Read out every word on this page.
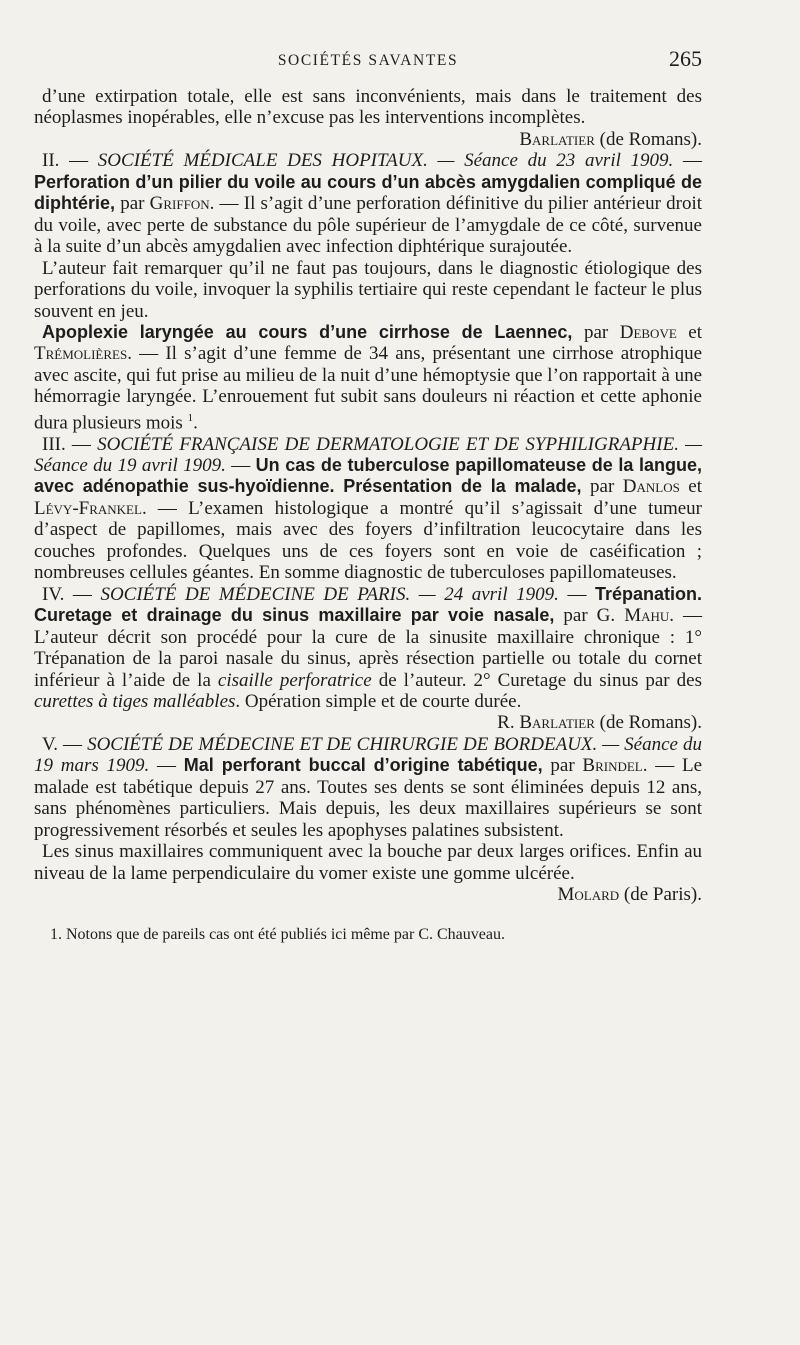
SOCIÉTÉS SAVANTES	265

d’une extirpation totale, elle est sans inconvénients, mais dans le traitement des néoplasmes inopérables, elle n’excuse pas les interventions incomplètes.
Barlatier (de Romans).

II. — SOCIÉTÉ MÉDICALE DES HOPITAUX. — Séance du 23 avril 1909. — Perforation d’un pilier du voile au cours d’un abcès amygdalien compliqué de diphtérie, par Griffon. — Il s’agit d’une perforation définitive du pilier antérieur droit du voile, avec perte de substance du pôle supérieur de l’amygdale de ce côté, survenue à la suite d’un abcès amygdalien avec infection diphtérique surajoutée.

L’auteur fait remarquer qu’il ne faut pas toujours, dans le diagnostic étiologique des perforations du voile, invoquer la syphilis tertiaire qui reste cependant le facteur le plus souvent en jeu.

Apoplexie laryngée au cours d’une cirrhose de Laennec, par Debove et Trémolières. — Il s’agit d’une femme de 34 ans, présentant une cirrhose atrophique avec ascite, qui fut prise au milieu de la nuit d’une hémoptysie que l’on rapportait à une hémorragie laryngée. L’enrouement fut subit sans douleurs ni réaction et cette aphonie dura plusieurs mois $^1$.

III. — SOCIÉTÉ FRANÇAISE DE DERMATOLOGIE ET DE SYPHILIGRAPHIE. — Séance du 19 avril 1909. — Un cas de tuberculose papillomateuse de la langue, avec adénopathie sus-hyoïdienne. Présentation de la malade, par Danlos et Lévy-Frankel. — L’examen histologique a montré qu’il s’agissait d’une tumeur d’aspect de papillomes, mais avec des foyers d’infiltration leucocytaire dans les couches profondes. Quelques uns de ces foyers sont en voie de caséification ; nombreuses cellules géantes. En somme diagnostic de tuberculoses papillomateuses.

IV. — SOCIÉTÉ DE MÉDECINE DE PARIS. — 24 avril 1909. — Trépanation. Curetage et drainage du sinus maxillaire par voie nasale, par G. Mahu. — L’auteur décrit son procédé pour la cure de la sinusite maxillaire chronique : 1° Trépanation de la paroi nasale du sinus, après résection partielle ou totale du cornet inférieur à l’aide de la cisaille perforatrice de l’auteur. 2° Curetage du sinus par des curettes à tiges malléables. Opération simple et de courte durée.
R. Barlatier (de Romans).

V. — SOCIÉTÉ DE MÉDECINE ET DE CHIRURGIE DE BORDEAUX. — Séance du 19 mars 1909. — Mal perforant buccal d’origine tabétique, par Brindel. — Le malade est tabétique depuis 27 ans. Toutes ses dents se sont éliminées depuis 12 ans, sans phénomènes particuliers. Mais depuis, les deux maxillaires supérieurs se sont progressivement résorbés et seules les apophyses palatines subsistent.

Les sinus maxillaires communiquent avec la bouche par deux larges orifices. Enfin au niveau de la lame perpendiculaire du vomer existe une gomme ulcérée.
Molard (de Paris).

1. Notons que de pareils cas ont été publiés ici même par C. Chauveau.
